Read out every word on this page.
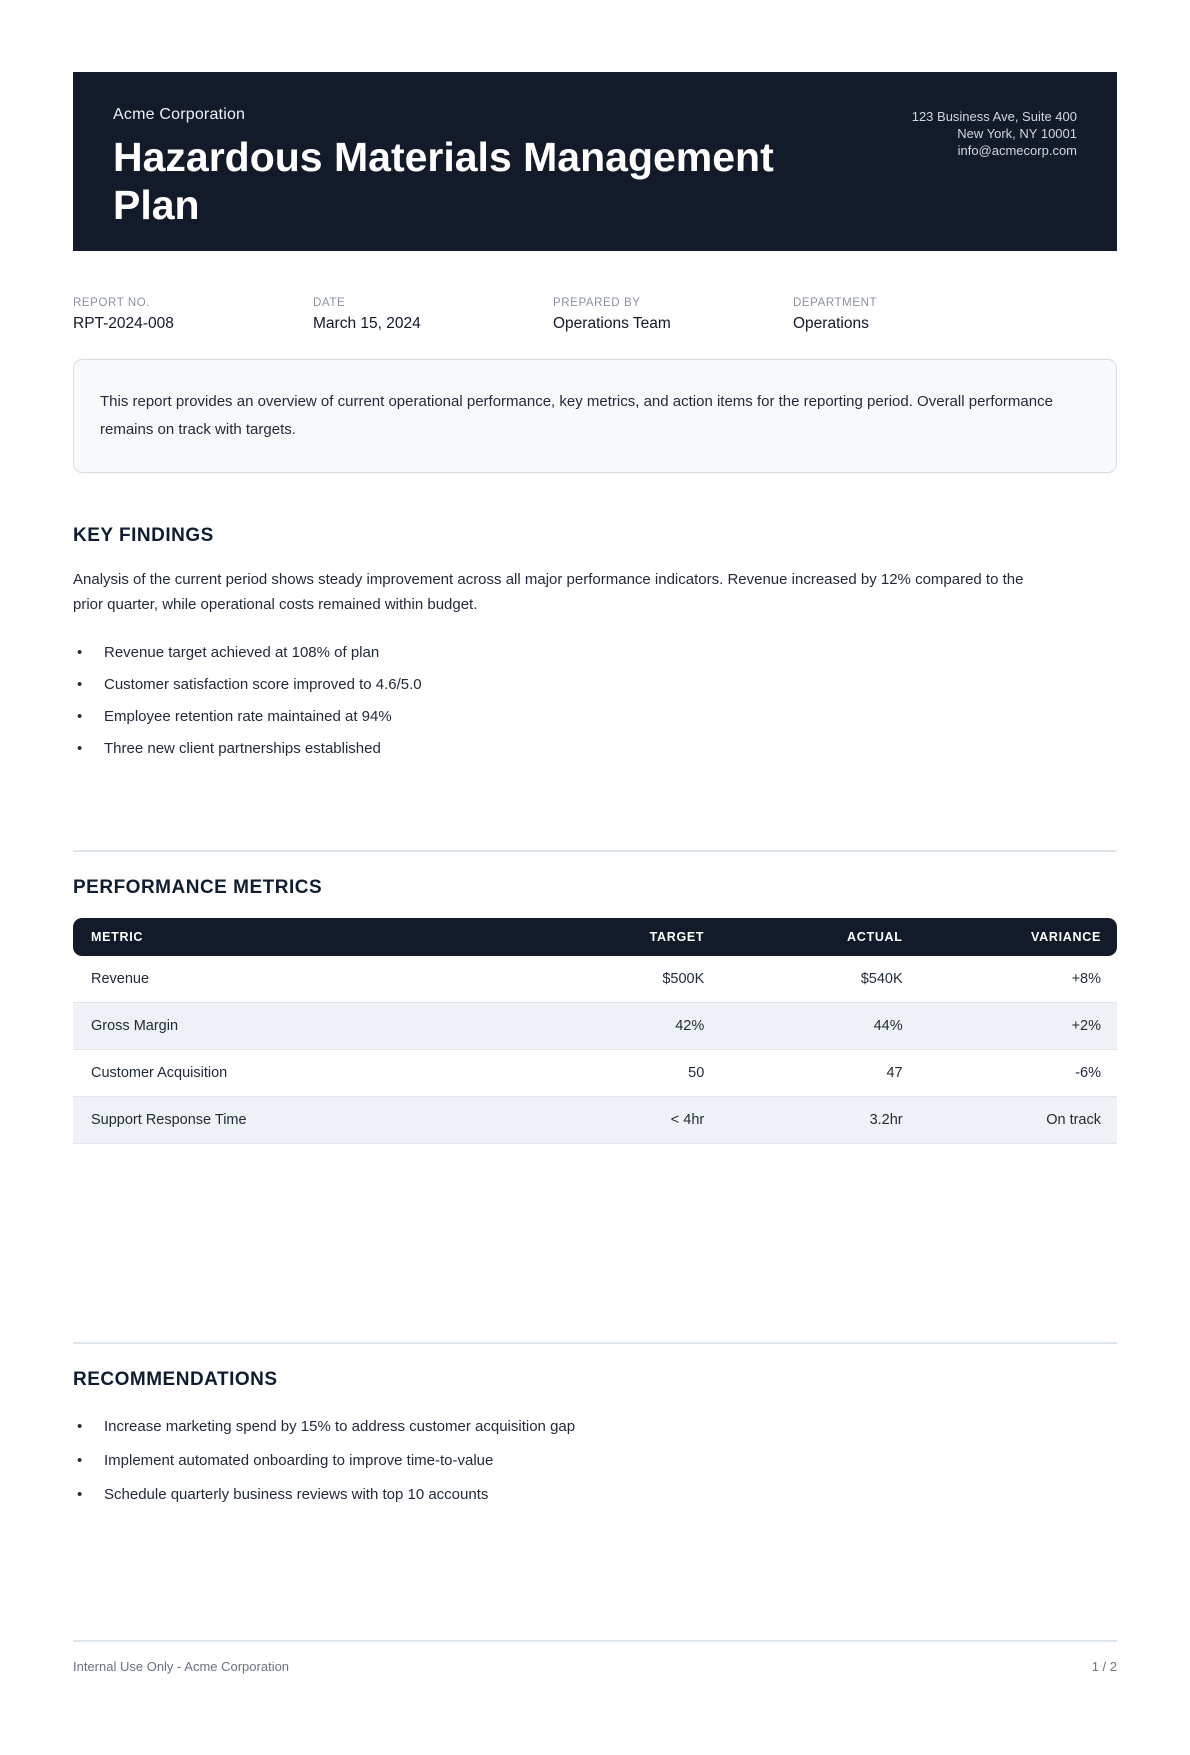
Acme Corporation
Hazardous Materials Management Plan
123 Business Ave, Suite 400
New York, NY 10001
info@acmecorp.com
REPORT NO.
RPT-2024-008
DATE
March 15, 2024
PREPARED BY
Operations Team
DEPARTMENT
Operations
This report provides an overview of current operational performance, key metrics, and action items for the reporting period. Overall performance remains on track with targets.
KEY FINDINGS

Analysis of the current period shows steady improvement across all major performance indicators. Revenue increased by 12% compared to the prior quarter, while operational costs remained within budget.

•	Revenue target achieved at 108% of plan
•	Customer satisfaction score improved to 4.6/5.0
•	Employee retention rate maintained at 94%
•	Three new client partnerships established
PERFORMANCE METRICS
METRIC	TARGET	ACTUAL	VARIANCE
Revenue	$500K	$540K	+8%
Gross Margin	42%	44%	+2%
Customer Acquisition	50	47	-6%
Support Response Time	< 4hr	3.2hr	On track
RECOMMENDATIONS
•	Increase marketing spend by 15% to address customer acquisition gap
•	Implement automated onboarding to improve time-to-value
•	Schedule quarterly business reviews with top 10 accounts
Internal Use Only - Acme Corporation	1 / 2
